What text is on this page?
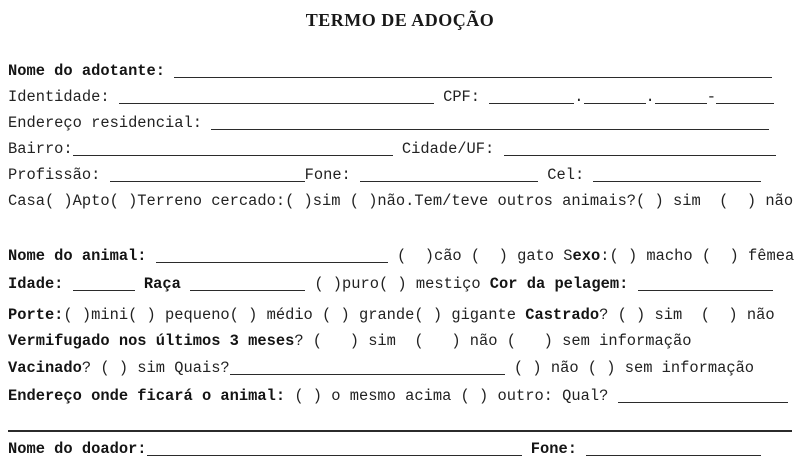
TERMO DE ADOÇÃO
Nome do adotante:
Identidade:	CPF:	.	.	-
Endereço residencial:
Bairro:	Cidade/UF:
Profissão:	Fone:	Cel:
Casa( )Apto( )Terreno cercado:( )sim ( )não.Tem/teve outros animais?( ) sim  (  ) não
Nome do animal:	(  )cão (  ) gato Sexo:( ) macho (  ) fêmea
Idade:	Raça	( )puro( ) mestiço Cor da pelagem:
Porte:( )mini( ) pequeno( ) médio ( ) grande( ) gigante Castrado? ( ) sim  (  ) não
Vermifugado nos últimos 3 meses? (   ) sim  (   ) não (   ) sem informação
Vacinado? ( ) sim Quais?	( ) não ( ) sem informação
Endereço onde ficará o animal: ( ) o mesmo acima ( ) outro: Qual?
Nome do doador:	Fone:
